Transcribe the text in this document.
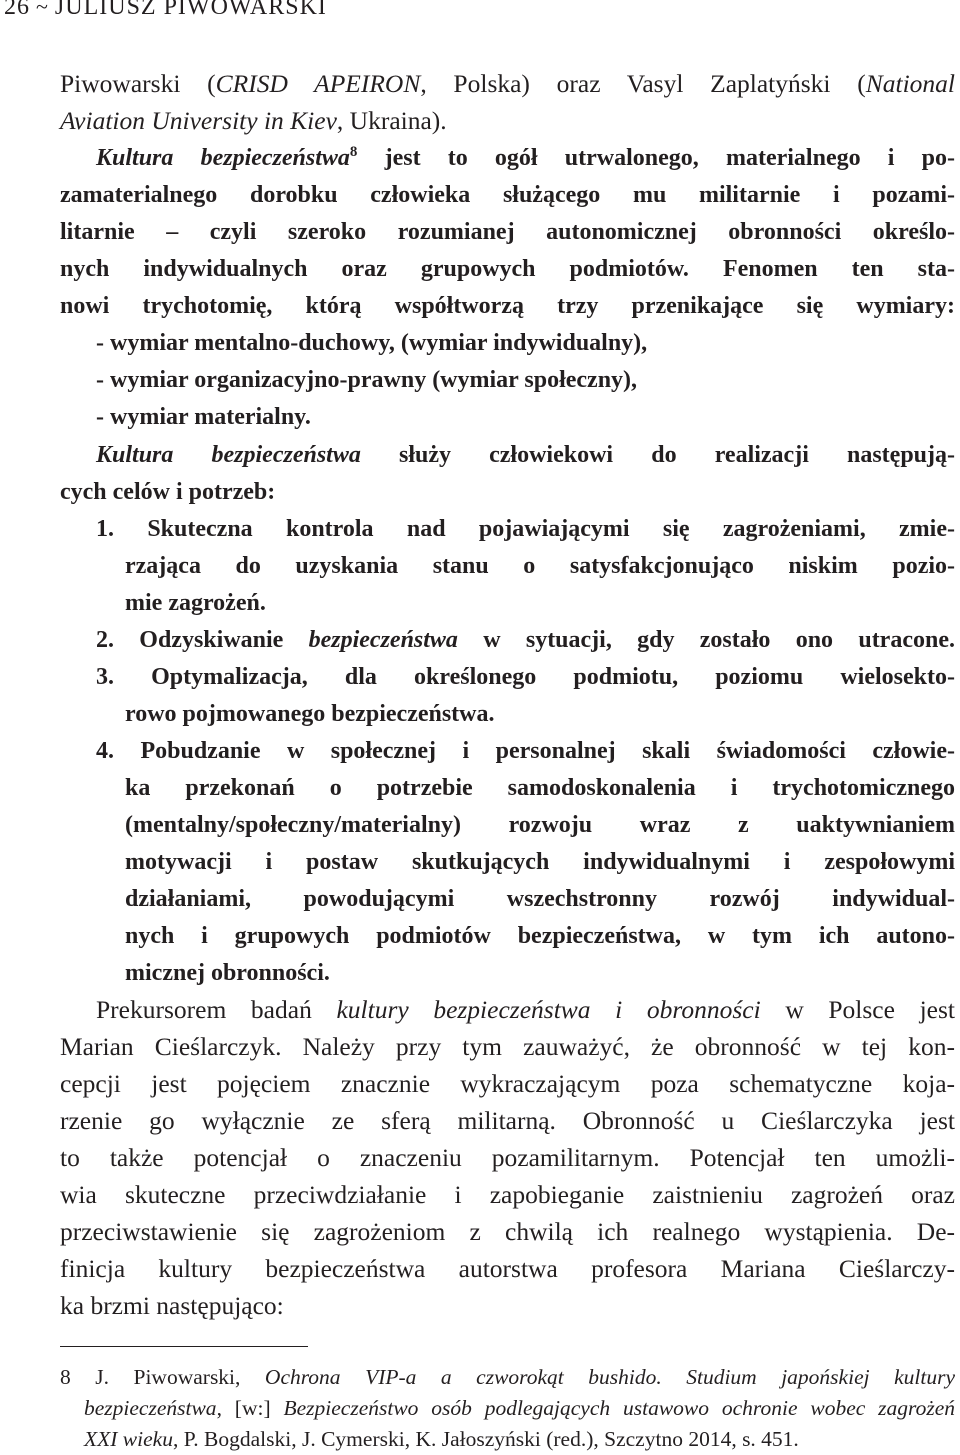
26 ~ JULIUSZ PIWOWARSKI
Piwowarski (CRISD APEIRON, Polska) oraz Vasyl Zaplatyński (National
Aviation University in Kiev, Ukraina).
Kultura bezpieczeństwa$^8$ jest to ogół utrwalonego, materialnego i po-
zamaterialnego dorobku człowieka służącego mu militarnie i pozami-
litarnie – czyli szeroko rozumianej autonomicznej obronności określo-
nych indywidualnych oraz grupowych podmiotów. Fenomen ten sta-
nowi trychotomię, którą współtworzą trzy przenikające się wymiary:
- wymiar mentalno-duchowy, (wymiar indywidualny),
- wymiar organizacyjno-prawny (wymiar społeczny),
- wymiar materialny.
Kultura bezpieczeństwa służy człowiekowi do realizacji następują-
cych celów i potrzeb:
1. Skuteczna kontrola nad pojawiającymi się zagrożeniami, zmie-
rzająca do uzyskania stanu o satysfakcjonująco niskim pozio-
mie zagrożeń.
2. Odzyskiwanie bezpieczeństwa w sytuacji, gdy zostało ono utracone.
3. Optymalizacja, dla określonego podmiotu, poziomu wielosekto-
rowo pojmowanego bezpieczeństwa.
4. Pobudzanie w społecznej i personalnej skali świadomości człowie-
ka przekonań o potrzebie samodoskonalenia i trychotomicznego
(mentalny/społeczny/materialny) rozwoju wraz z uaktywnianiem
motywacji i postaw skutkujących indywidualnymi i zespołowymi
działaniami, powodującymi wszechstronny rozwój indywidual-
nych i grupowych podmiotów bezpieczeństwa, w tym ich autono-
micznej obronności.
Prekursorem badań kultury bezpieczeństwa i obronności w Polsce jest
Marian Cieślarczyk. Należy przy tym zauważyć, że obronność w tej kon-
cepcji jest pojęciem znacznie wykraczającym poza schematyczne koja-
rzenie go wyłącznie ze sferą militarną. Obronność u Cieślarczyka jest
to także potencjał o znaczeniu pozamilitarnym. Potencjał ten umożli-
wia skuteczne przeciwdziałanie i zapobieganie zaistnieniu zagrożeń oraz
przeciwstawienie się zagrożeniom z chwilą ich realnego wystąpienia. De-
finicja kultury bezpieczeństwa autorstwa profesora Mariana Cieślarczy-
ka brzmi następująco:
8 J. Piwowarski, Ochrona VIP-a a czworokąt bushido. Studium japońskiej kultury
bezpieczeństwa, [w:] Bezpieczeństwo osób podlegających ustawowo ochronie wobec zagrożeń
XXI wieku, P. Bogdalski, J. Cymerski, K. Jałoszyński (red.), Szczytno 2014, s. 451.
